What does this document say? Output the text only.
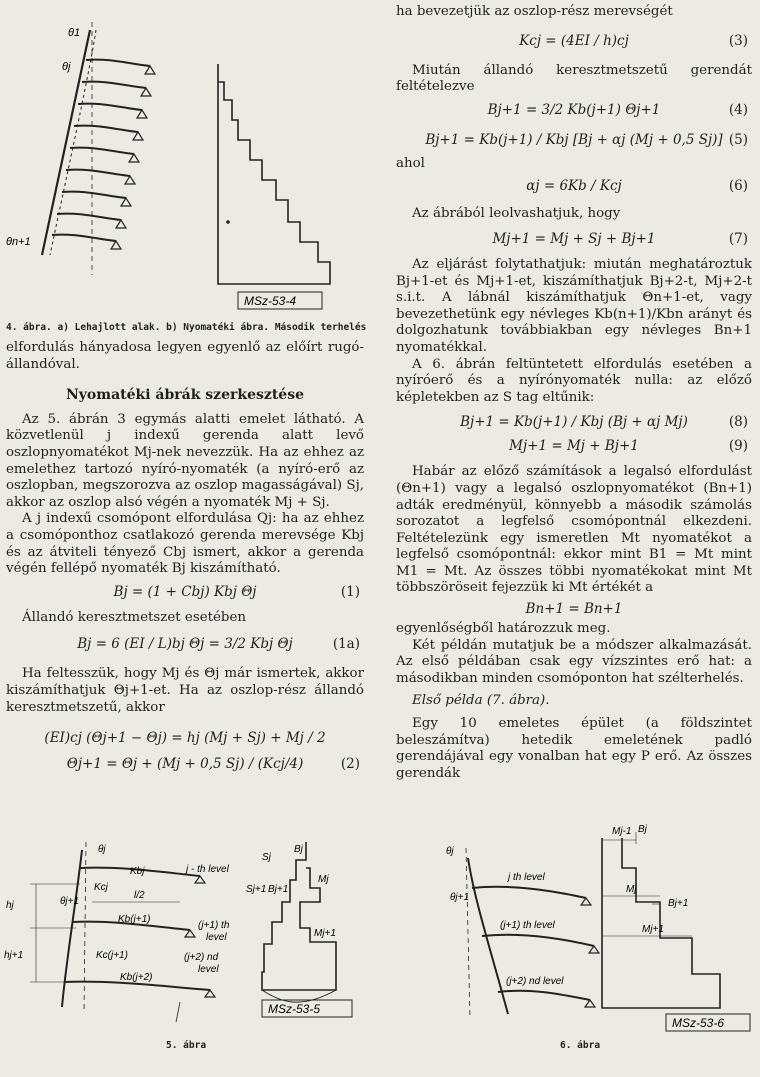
θ1
θj
θn+1
MSz-53-4
4. ábra. a) Lehajlott alak. b) Nyomatéki ábra. Második terhelés

elfordulás hányadosa legyen egyenlő az előírt rugó-állandóval.

Nyomatéki ábrák szerkesztése

Az 5. ábrán 3 egymás alatti emelet látható. A közvetlenül j indexű gerenda alatt levő oszlopnyomatékot Mj-nek nevezzük. Ha az ehhez az emelethez tartozó nyíró-nyomaték (a nyíró-erő az oszlopban, megszorozva az oszlop magasságával) Sj, akkor az oszlop alsó végén a nyomaték Mj + Sj.

A j indexű csomópont elfordulása Qj: ha az ehhez a csomóponthoz csatlakozó gerenda merevsége Kbj és az átviteli tényező Cbj ismert, akkor a gerenda végén fellépő nyomaték Bj kiszámítható.

Bj = (1 + Cbj) Kbj Θj	(1)

Állandó keresztmetszet esetében

Bj = 6 (EI / L)bj Θj = 3/2 Kbj Θj	(1a)

Ha feltesszük, hogy Mj és Θj már ismertek, akkor kiszámíthatjuk Θj+1-et. Ha az oszlop-rész állandó keresztmetszetű, akkor

(EI)cj (Θj+1 − Θj) = hj (Mj + Sj) + Mj / 2
Θj+1 = Θj + (Mj + 0,5 Sj) / (Kcj/4)	(2)
θj
θj+1
Kbj
Kcj
j - th level
l/2
Kb(j+1)
(j+1) th
level
Kc(j+1)
Kb(j+2)
(j+2) nd
level
hj
hj+1
Sj
Bj
Sj+1 Bj+1
Mj
Mj+1
MSz-53-5
5. ábra

ha bevezetjük az oszlop-rész merevségét

Kcj = (4EI / h)cj	(3)

Miután állandó keresztmetszetű gerendát feltételezve

Bj+1 = 3/2 Kb(j+1) Θj+1	(4)
Bj+1 = Kb(j+1) / Kbj [Bj + αj (Mj + 0,5 Sj)] (5)

ahol

αj = 6Kb / Kcj	(6)

Az ábrából leolvashatjuk, hogy

Mj+1 = Mj + Sj + Bj+1	(7)

Az eljárást folytathatjuk: miután meghatároztuk Bj+1-et és Mj+1-et, kiszámíthatjuk Bj+2-t, Mj+2-t s.i.t. A lábnál kiszámíthatjuk Θn+1-et, vagy bevezethetünk egy névleges Kb(n+1)/Kbn arányt és dolgozhatunk továbbiakban egy névleges Bn+1 nyomatékkal.

A 6. ábrán feltüntetett elfordulás esetében a nyíróerő és a nyírónyomaték nulla: az előző képletekben az S tag eltűnik:

Bj+1 = Kb(j+1) / Kbj (Bj + αj Mj)	(8)
Mj+1 = Mj + Bj+1	(9)

Habár az előző számítások a legalsó elfordulást (Θn+1) vagy a legalsó oszlopnyomatékot (Bn+1) adták eredményül, könnyebb a második számolás sorozatot a legfelső csomópontnál elkezdeni. Feltételezünk egy ismeretlen Mt nyomatékot a legfelső csomópontnál: ekkor mint B1 = Mt mint M1 = Mt. Az összes többi nyomatékokat mint Mt többszöröseit fejezzük ki Mt értékét a

Bn+1 = Bn+1

egyenlőségből határozzuk meg.

Két példán mutatjuk be a módszer alkalmazását. Az első példában csak egy vízszintes erő hat: a másodikban minden csomóponton hat szélterhelés.

Első példa (7. ábra).

Egy 10 emeletes épület (a földszintet beleszámítva) hetedik emeletének padló gerendájával egy vonalban hat egy P erő. Az összes gerendák

θj
θj+1
j th level
(j+1) th level
(j+2) nd level
Mj-1 Bj
Mj
Bj+1
Mj+1
MSz-53-6
6. ábra
